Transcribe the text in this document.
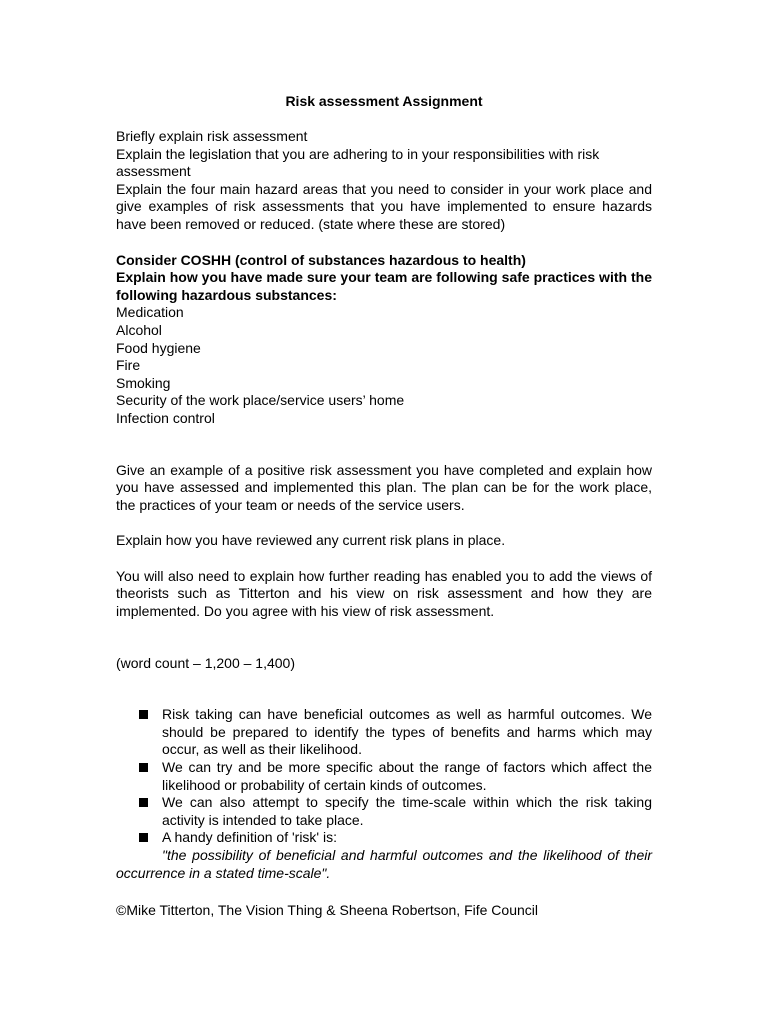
Risk assessment Assignment
Briefly explain risk assessment
Explain the legislation that you are adhering to in your responsibilities with risk assessment
Explain the four main hazard areas that you need to consider in your work place and give examples of risk assessments that you have implemented to ensure hazards have been removed or reduced. (state where these are stored)
Consider COSHH (control of substances hazardous to health)
Explain how you have made sure your team are following safe practices with the following hazardous substances:
Medication
Alcohol
Food hygiene
Fire
Smoking
Security of the work place/service users’ home
Infection control

Give an example of a positive risk assessment you have completed and explain how you have assessed and implemented this plan. The plan can be for the work place, the practices of your team or needs of the service users.

Explain how you have reviewed any current risk plans in place.

You will also need to explain how further reading has enabled you to add the views of theorists such as Titterton and his view on risk assessment and how they are implemented. Do you agree with his view of risk assessment.

(word count – 1,200 – 1,400)

Risk taking can have beneficial outcomes as well as harmful outcomes. We should be prepared to identify the types of benefits and harms which may occur, as well as their likelihood.
We can try and be more specific about the range of factors which affect the likelihood or probability of certain kinds of outcomes.
We can also attempt to specify the time-scale within which the risk taking activity is intended to take place.
A handy definition of 'risk' is:

"the possibility of beneficial and harmful outcomes and the likelihood of their occurrence in a stated time-scale".

©Mike Titterton, The Vision Thing & Sheena Robertson, Fife Council
